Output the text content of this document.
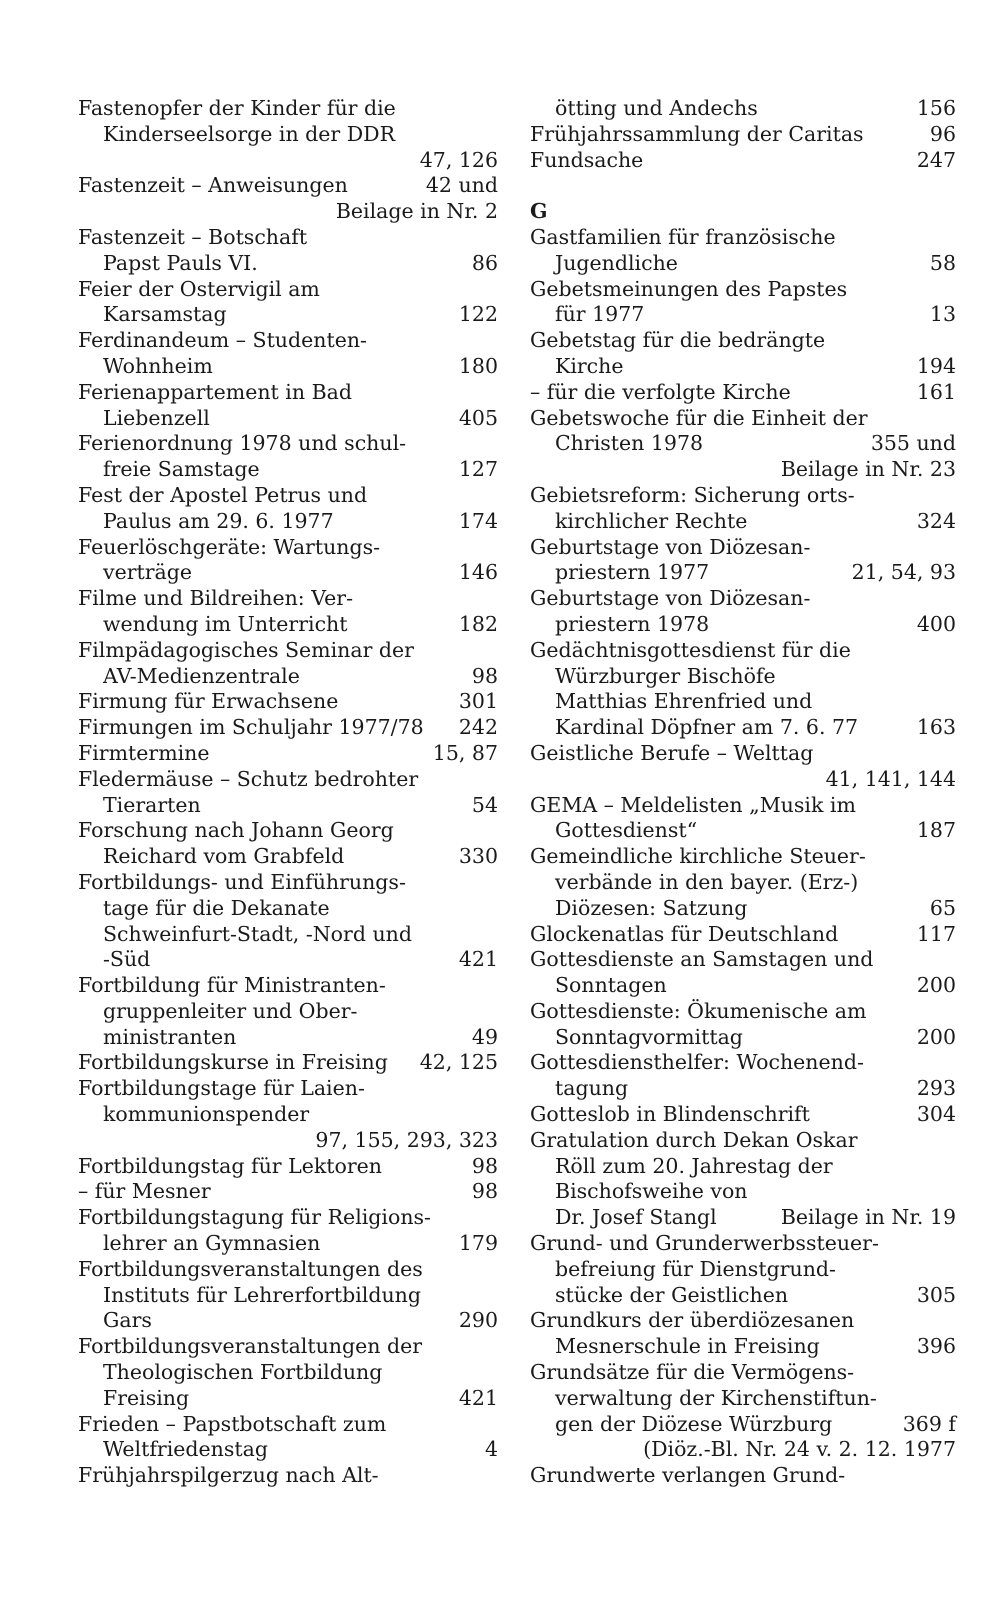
Fastenopfer der Kinder für die
Kinderseelsorge in der DDR
47, 126
Fastenzeit – Anweisungen	42 und
Beilage in Nr. 2
Fastenzeit – Botschaft
Papst Pauls VI.	86
Feier der Ostervigil am
Karsamstag	122
Ferdinandeum – Studenten-
Wohnheim	180
Ferienappartement in Bad
Liebenzell	405
Ferienordnung 1978 und schul-
freie Samstage	127
Fest der Apostel Petrus und
Paulus am 29. 6. 1977	174
Feuerlöschgeräte: Wartungs-
verträge	146
Filme und Bildreihen: Ver-
wendung im Unterricht	182
Filmpädagogisches Seminar der
AV-Medienzentrale	98
Firmung für Erwachsene	301
Firmungen im Schuljahr 1977/78 242
Firmtermine	15, 87
Fledermäuse – Schutz bedrohter
Tierarten	54
Forschung nach Johann Georg
Reichard vom Grabfeld	330
Fortbildungs- und Einführungs-
tage für die Dekanate
Schweinfurt-Stadt, -Nord und
-Süd	421
Fortbildung für Ministranten-
gruppenleiter und Ober-
ministranten	49
Fortbildungskurse in Freising 42, 125
Fortbildungstage für Laien-
kommunionspender
97, 155, 293, 323
Fortbildungstag für Lektoren	98
– für Mesner	98
Fortbildungstagung für Religions-
lehrer an Gymnasien	179
Fortbildungsveranstaltungen des
Instituts für Lehrerfortbildung
Gars	290
Fortbildungsveranstaltungen der
Theologischen Fortbildung
Freising	421
Frieden – Papstbotschaft zum
Weltfriedenstag	4
Frühjahrspilgerzug nach Alt-
ötting und Andechs	156
Frühjahrssammlung der Caritas	96
Fundsache	247
G
Gastfamilien für französische
Jugendliche	58
Gebetsmeinungen des Papstes
für 1977	13
Gebetstag für die bedrängte
Kirche	194
– für die verfolgte Kirche	161
Gebetswoche für die Einheit der
Christen 1978	355 und
Beilage in Nr. 23
Gebietsreform: Sicherung orts-
kirchlicher Rechte	324
Geburtstage von Diözesan-
priestern 1977	21, 54, 93
Geburtstage von Diözesan-
priestern 1978	400
Gedächtnisgottesdienst für die
Würzburger Bischöfe
Matthias Ehrenfried und
Kardinal Döpfner am 7. 6. 77	163
Geistliche Berufe – Welttag
41, 141, 144
GEMA – Meldelisten „Musik im
Gottesdienst“	187
Gemeindliche kirchliche Steuer-
verbände in den bayer. (Erz-)
Diözesen: Satzung	65
Glockenatlas für Deutschland	117
Gottesdienste an Samstagen und
Sonntagen	200
Gottesdienste: Ökumenische am
Sonntagvormittag	200
Gottesdiensthelfer: Wochenend-
tagung	293
Gotteslob in Blindenschrift	304
Gratulation durch Dekan Oskar
Röll zum 20. Jahrestag der
Bischofsweihe von
Dr. Josef Stangl	Beilage in Nr. 19
Grund- und Grunderwerbssteuer-
befreiung für Dienstgrund-
stücke der Geistlichen	305
Grundkurs der überdiözesanen
Mesnerschule in Freising	396
Grundsätze für die Vermögens-
verwaltung der Kirchenstiftun-
gen der Diözese Würzburg	369 f
(Diöz.-Bl. Nr. 24 v. 2. 12. 1977
Grundwerte verlangen Grund-
